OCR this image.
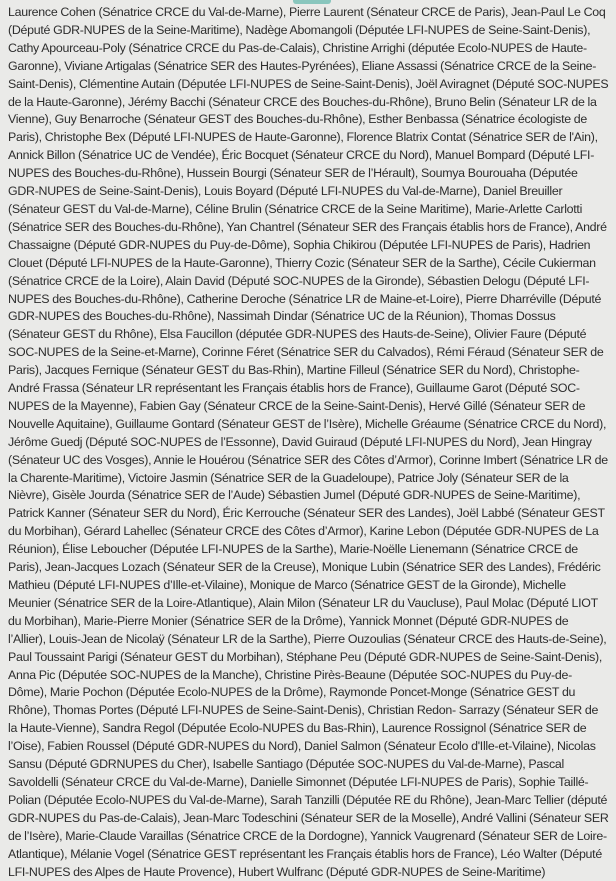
Laurence Cohen (Sénatrice CRCE du Val-de-Marne), Pierre Laurent (Sénateur CRCE de Paris), Jean-Paul Le Coq (Député GDR-NUPES de la Seine-Maritime), Nadège Abomangoli (Députée LFI-NUPES de Seine-Saint-Denis), Cathy Apourceau-Poly (Sénatrice CRCE du Pas-de-Calais), Christine Arrighi (députée Ecolo-NUPES de Haute-Garonne), Viviane Artigalas (Sénatrice SER des Hautes-Pyrénées), Eliane Assassi (Sénatrice CRCE de la Seine-Saint-Denis), Clémentine Autain (Députée LFI-NUPES de Seine-Saint-Denis), Joël Aviragnet (Député SOC-NUPES de la Haute-Garonne), Jérémy Bacchi (Sénateur CRCE des Bouches-du-Rhône), Bruno Belin (Sénateur LR de la Vienne), Guy Benarroche (Sénateur GEST des Bouches-du-Rhône), Esther Benbassa (Sénatrice écologiste de Paris), Christophe Bex (Député LFI-NUPES de Haute-Garonne), Florence Blatrix Contat (Sénatrice SER de l'Ain), Annick Billon (Sénatrice UC de Vendée), Éric Bocquet (Sénateur CRCE du Nord), Manuel Bompard (Député LFI-NUPES des Bouches-du-Rhône), Hussein Bourgi (Sénateur SER de l’Hérault), Soumya Bourouaha (Députée GDR-NUPES de Seine-Saint-Denis), Louis Boyard (Député LFI-NUPES du Val-de-Marne), Daniel Breuiller (Sénateur GEST du Val-de-Marne), Céline Brulin (Sénatrice CRCE de la Seine Maritime), Marie-Arlette Carlotti (Sénatrice SER des Bouches-du-Rhône), Yan Chantrel (Sénateur SER des Français établis hors de France), André Chassaigne (Député GDR-NUPES du Puy-de-Dôme), Sophia Chikirou (Députée LFI-NUPES de Paris), Hadrien Clouet (Député LFI-NUPES de la Haute-Garonne), Thierry Cozic (Sénateur SER de la Sarthe), Cécile Cukierman (Sénatrice CRCE de la Loire), Alain David (Député SOC-NUPES de la Gironde), Sébastien Delogu (Député LFI-NUPES des Bouches-du-Rhône), Catherine Deroche (Sénatrice LR de Maine-et-Loire), Pierre Dharréville (Député GDR-NUPES des Bouches-du-Rhône), Nassimah Dindar (Sénatrice UC de la Réunion), Thomas Dossus (Sénateur GEST du Rhône), Elsa Faucillon (députée GDR-NUPES des Hauts-de-Seine), Olivier Faure (Député SOC-NUPES de la Seine-et-Marne), Corinne Féret (Sénatrice SER du Calvados), Rémi Féraud (Sénateur SER de Paris), Jacques Fernique (Sénateur GEST du Bas-Rhin), Martine Filleul (Sénatrice SER du Nord), Christophe-André Frassa (Sénateur LR représentant les Français établis hors de France), Guillaume Garot (Député SOC-NUPES de la Mayenne), Fabien Gay (Sénateur CRCE de la Seine-Saint-Denis), Hervé Gillé (Sénateur SER de Nouvelle Aquitaine), Guillaume Gontard (Sénateur GEST de l’Isère), Michelle Gréaume (Sénatrice CRCE du Nord), Jérôme Guedj (Député SOC-NUPES de l’Essonne), David Guiraud (Député LFI-NUPES du Nord), Jean Hingray (Sénateur UC des Vosges), Annie le Houérou (Sénatrice SER des Côtes d’Armor), Corinne Imbert (Sénatrice LR de la Charente-Maritime), Victoire Jasmin (Sénatrice SER de la Guadeloupe), Patrice Joly (Sénateur SER de la Nièvre), Gisèle Jourda (Sénatrice SER de l’Aude) Sébastien Jumel (Député GDR-NUPES de Seine-Maritime), Patrick Kanner (Sénateur SER du Nord), Éric Kerrouche (Sénateur SER des Landes), Joël Labbé (Sénateur GEST du Morbihan), Gérard Lahellec (Sénateur CRCE des Côtes d’Armor), Karine Lebon (Députée GDR-NUPES de La Réunion), Élise Leboucher (Députée LFI-NUPES de la Sarthe), Marie-Noëlle Lienemann (Sénatrice CRCE de Paris), Jean-Jacques Lozach (Sénateur SER de la Creuse), Monique Lubin (Sénatrice SER des Landes), Frédéric Mathieu (Député LFI-NUPES d’Ille-et-Vilaine), Monique de Marco (Sénatrice GEST de la Gironde), Michelle Meunier (Sénatrice SER de la Loire-Atlantique), Alain Milon (Sénateur LR du Vaucluse), Paul Molac (Député LIOT du Morbihan), Marie-Pierre Monier (Sénatrice SER de la Drôme), Yannick Monnet (Député GDR-NUPES de l’Allier), Louis-Jean de Nicolaÿ (Sénateur LR de la Sarthe), Pierre Ouzoulias (Sénateur CRCE des Hauts-de-Seine), Paul Toussaint Parigi (Sénateur GEST du Morbihan), Stéphane Peu (Député GDR-NUPES de Seine-Saint-Denis), Anna Pic (Députée SOC-NUPES de la Manche), Christine Pirès-Beaune (Députée SOC-NUPES du Puy-de-Dôme), Marie Pochon (Députée Ecolo-NUPES de la Drôme), Raymonde Poncet-Monge (Sénatrice GEST du Rhône), Thomas Portes (Député LFI-NUPES de Seine-Saint-Denis), Christian Redon- Sarrazy (Sénateur SER de la Haute-Vienne), Sandra Regol (Députée Ecolo-NUPES du Bas-Rhin), Laurence Rossignol (Sénatrice SER de l’Oise), Fabien Roussel (Député GDR-NUPES du Nord), Daniel Salmon (Sénateur Ecolo d'Ille-et-Vilaine), Nicolas Sansu (Député GDRNUPES du Cher), Isabelle Santiago (Députée SOC-NUPES du Val-de-Marne), Pascal Savoldelli (Sénateur CRCE du Val-de-Marne), Danielle Simonnet (Députée LFI-NUPES de Paris), Sophie Taillé-Polian (Députée Ecolo-NUPES du Val-de-Marne), Sarah Tanzilli (Députée RE du Rhône), Jean-Marc Tellier (député GDR-NUPES du Pas-de-Calais), Jean-Marc Todeschini (Sénateur SER de la Moselle), André Vallini (Sénateur SER de l’Isère), Marie-Claude Varaillas (Sénatrice CRCE de la Dordogne), Yannick Vaugrenard (Sénateur SER de Loire-Atlantique), Mélanie Vogel (Sénatrice GEST représentant les Français établis hors de France), Léo Walter (Député LFI-NUPES des Alpes de Haute Provence), Hubert Wulfranc (Député GDR-NUPES de Seine-Maritime)
